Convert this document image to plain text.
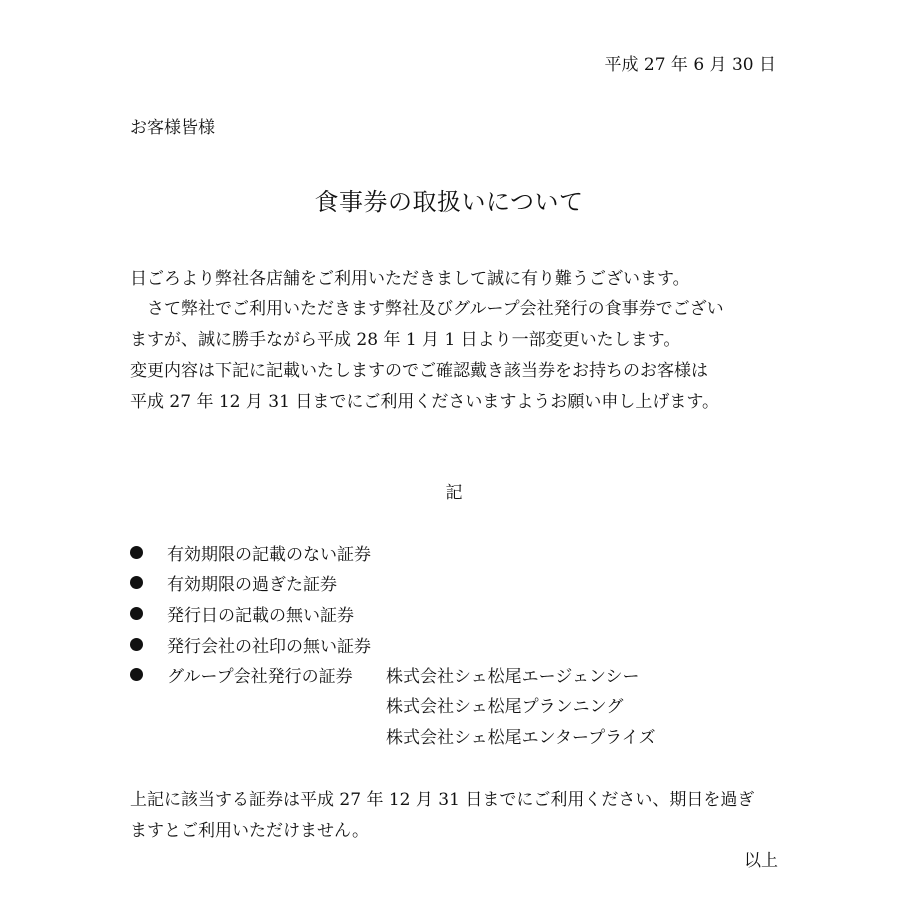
平成 27 年 6 月 30 日
お客様皆様
食事券の取扱いについて
日ごろより弊社各店舗をご利用いただきまして誠に有り難うございます。
　さて弊社でご利用いただきます弊社及びグループ会社発行の食事券でござい
ますが、誠に勝手ながら平成 28 年 1 月 1 日より一部変更いたします。
変更内容は下記に記載いたしますのでご確認戴き該当券をお持ちのお客様は
平成 27 年 12 月 31 日までにご利用くださいますようお願い申し上げます。
記
有効期限の記載のない証券
有効期限の過ぎた証券
発行日の記載の無い証券
発行会社の社印の無い証券
グループ会社発行の証券 株式会社シェ松尾エージェンシー
株式会社シェ松尾プランニング
株式会社シェ松尾エンタープライズ
上記に該当する証券は平成 27 年 12 月 31 日までにご利用ください、期日を過ぎ
ますとご利用いただけません。
以上
